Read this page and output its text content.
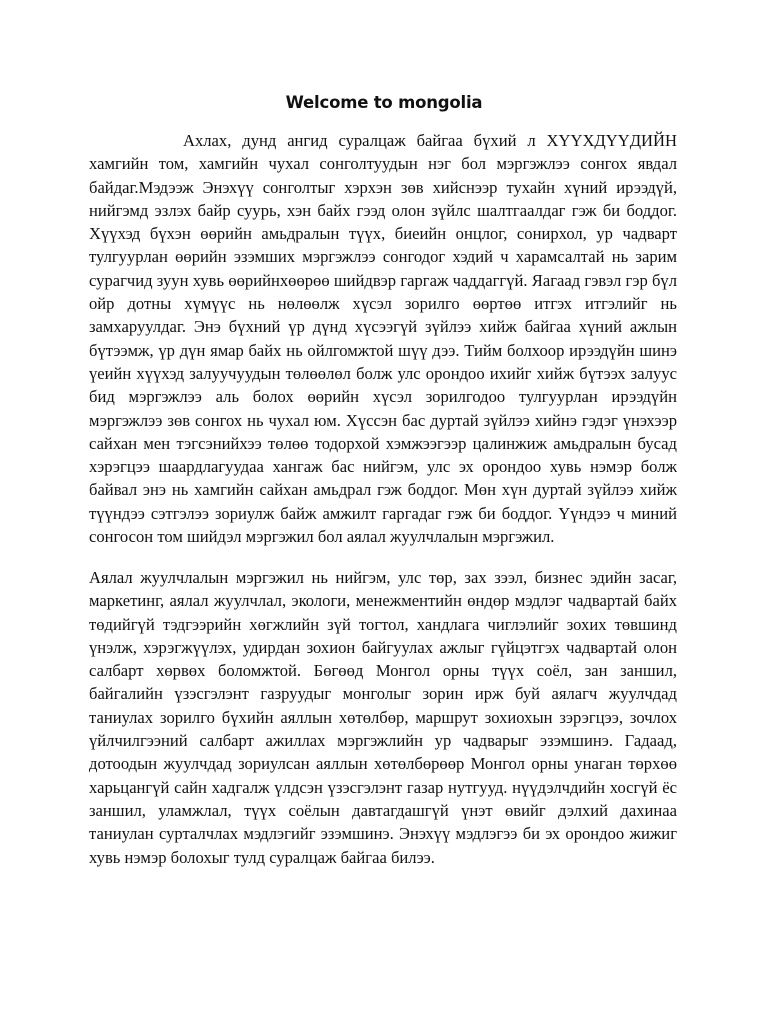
Welcome to mongolia

Ахлах, дунд ангид суралцаж байгаа бүхий л ХҮҮХДҮҮДИЙН хамгийн том, хамгийн чухал сонголтуудын нэг бол мэргэжлээ сонгох явдал байдаг.Мэдээж Энэхүү сонголтыг хэрхэн зөв хийснээр тухайн хүний ирээдүй, нийгэмд эзлэх байр суурь, хэн байх гээд олон зүйлс шалтгаалдаг гэж би боддог. Хүүхэд бүхэн өөрийн амьдралын түүх, биеийн онцлог, сонирхол, ур чадварт тулгуурлан өөрийн эзэмших мэргэжлээ сонгодог хэдий ч харамсалтай нь зарим сурагчид зуун хувь өөрийнхөөрөө шийдвэр гаргаж чаддаггүй. Яагаад гэвэл гэр бүл ойр дотны хүмүүс нь нөлөөлж хүсэл зорилго өөртөө итгэх итгэлийг нь замхаруулдаг. Энэ бүхний үр дүнд хүсээгүй зүйлээ хийж байгаа хүний ажлын бүтээмж, үр дүн ямар байх нь ойлгомжтой шүү дээ. Тийм болхоор ирээдүйн шинэ үеийн хүүхэд залуучуудын төлөөлөл болж улс орондоо ихийг хийж бүтээх залуус бид мэргэжлээ аль болох өөрийн хүсэл зорилгодоо тулгуурлан ирээдүйн мэргэжлээ зөв сонгох нь чухал юм. Хүссэн бас дуртай зүйлээ хийнэ гэдэг үнэхээр сайхан мен тэгсэнийхээ төлөө тодорхой хэмжээгээр цалинжиж амьдралын бусад хэрэгцээ шаардлагуудаа хангаж бас нийгэм, улс эх орондоо хувь нэмэр болж байвал энэ нь хамгийн сайхан амьдрал гэж боддог. Мөн хүн дуртай зүйлээ хийж түүндээ сэтгэлээ зориулж байж амжилт гаргадаг гэж би боддог. Үүндээ ч миний сонгосон том шийдэл мэргэжил бол аялал жуулчлалын мэргэжил.

Аялал жуулчлалын мэргэжил нь нийгэм, улс төр, зах зээл, бизнес эдийн засаг, маркетинг, аялал жуулчлал, экологи, менежментийн өндөр мэдлэг чадвартай байх төдийгүй тэдгээрийн хөгжлийн зүй тогтол, хандлага чиглэлийг зохих төвшинд үнэлж, хэрэгжүүлэх, удирдан зохион байгуулах ажлыг гүйцэтгэх чадвартай олон салбарт хөрвөх боломжтой. Бөгөөд Монгол орны түүх соёл, зан заншил, байгалийн үзэсгэлэнт газруудыг монголыг зорин ирж буй аялагч жуулчдад таниулах зорилго бүхийн аяллын хөтөлбөр, маршрут зохиохын зэрэгцээ, зочлох үйлчилгээний салбарт ажиллах мэргэжлийн ур чадварыг эзэмшинэ. Гадаад, дотоодын жуулчдад зориулсан аяллын хөтөлбөрөөр Монгол орны унаган төрхөө харьцангүй сайн хадгалж үлдсэн үзэсгэлэнт газар нутгууд. нүүдэлчдийн хосгүй ёс заншил, уламжлал, түүх соёлын давтагдашгүй үнэт өвийг дэлхий дахинаа таниулан сурталчлах мэдлэгийг эзэмшинэ. Энэхүү мэдлэгээ би эх орондоо жижиг хувь нэмэр болохыг тулд суралцаж байгаа билээ.
